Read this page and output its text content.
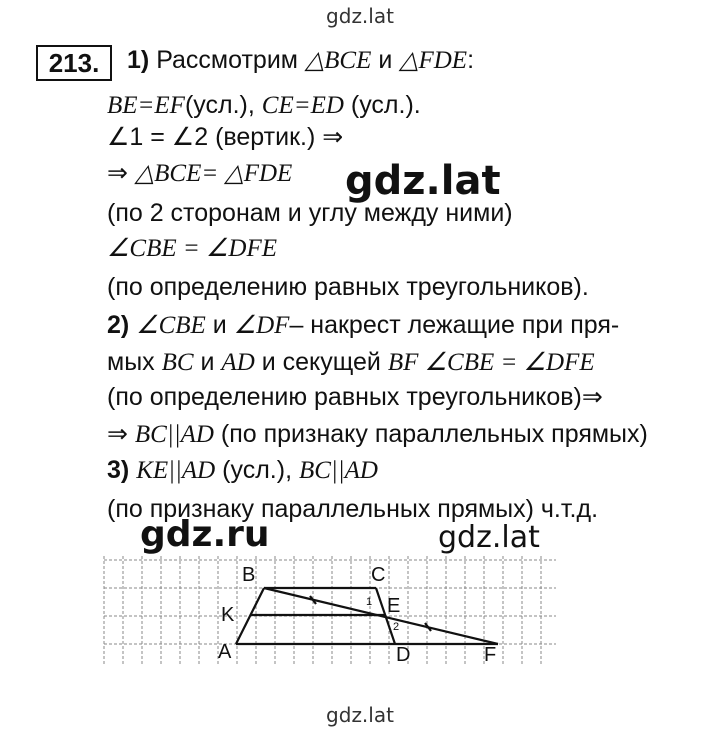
gdz.lat
213.	1) Рассмотрим △BCE и △FDE:
BE=EF(усл.), CE=ED (усл.).
∠1 = ∠2 (вертик.) ⇒
⇒ △BCE= △FDE
(по 2 сторонам и углу между ними)
∠CBE = ∠DFE
(по определению равных треугольников).
2) ∠CBE и ∠DF– накрест лежащие при пря-
мых BC и AD и секущей BF ∠CBE = ∠DFE
(по определению равных треугольников)⇒
⇒ BC||AD (по признаку параллельных прямых)
3) KE||AD (усл.), BC||AD
(по признаку параллельных прямых) ч.т.д.
gdz.lat
gdz.ru	gdz.lat
B	C
K	E
A	D	F
1
2
gdz.lat
